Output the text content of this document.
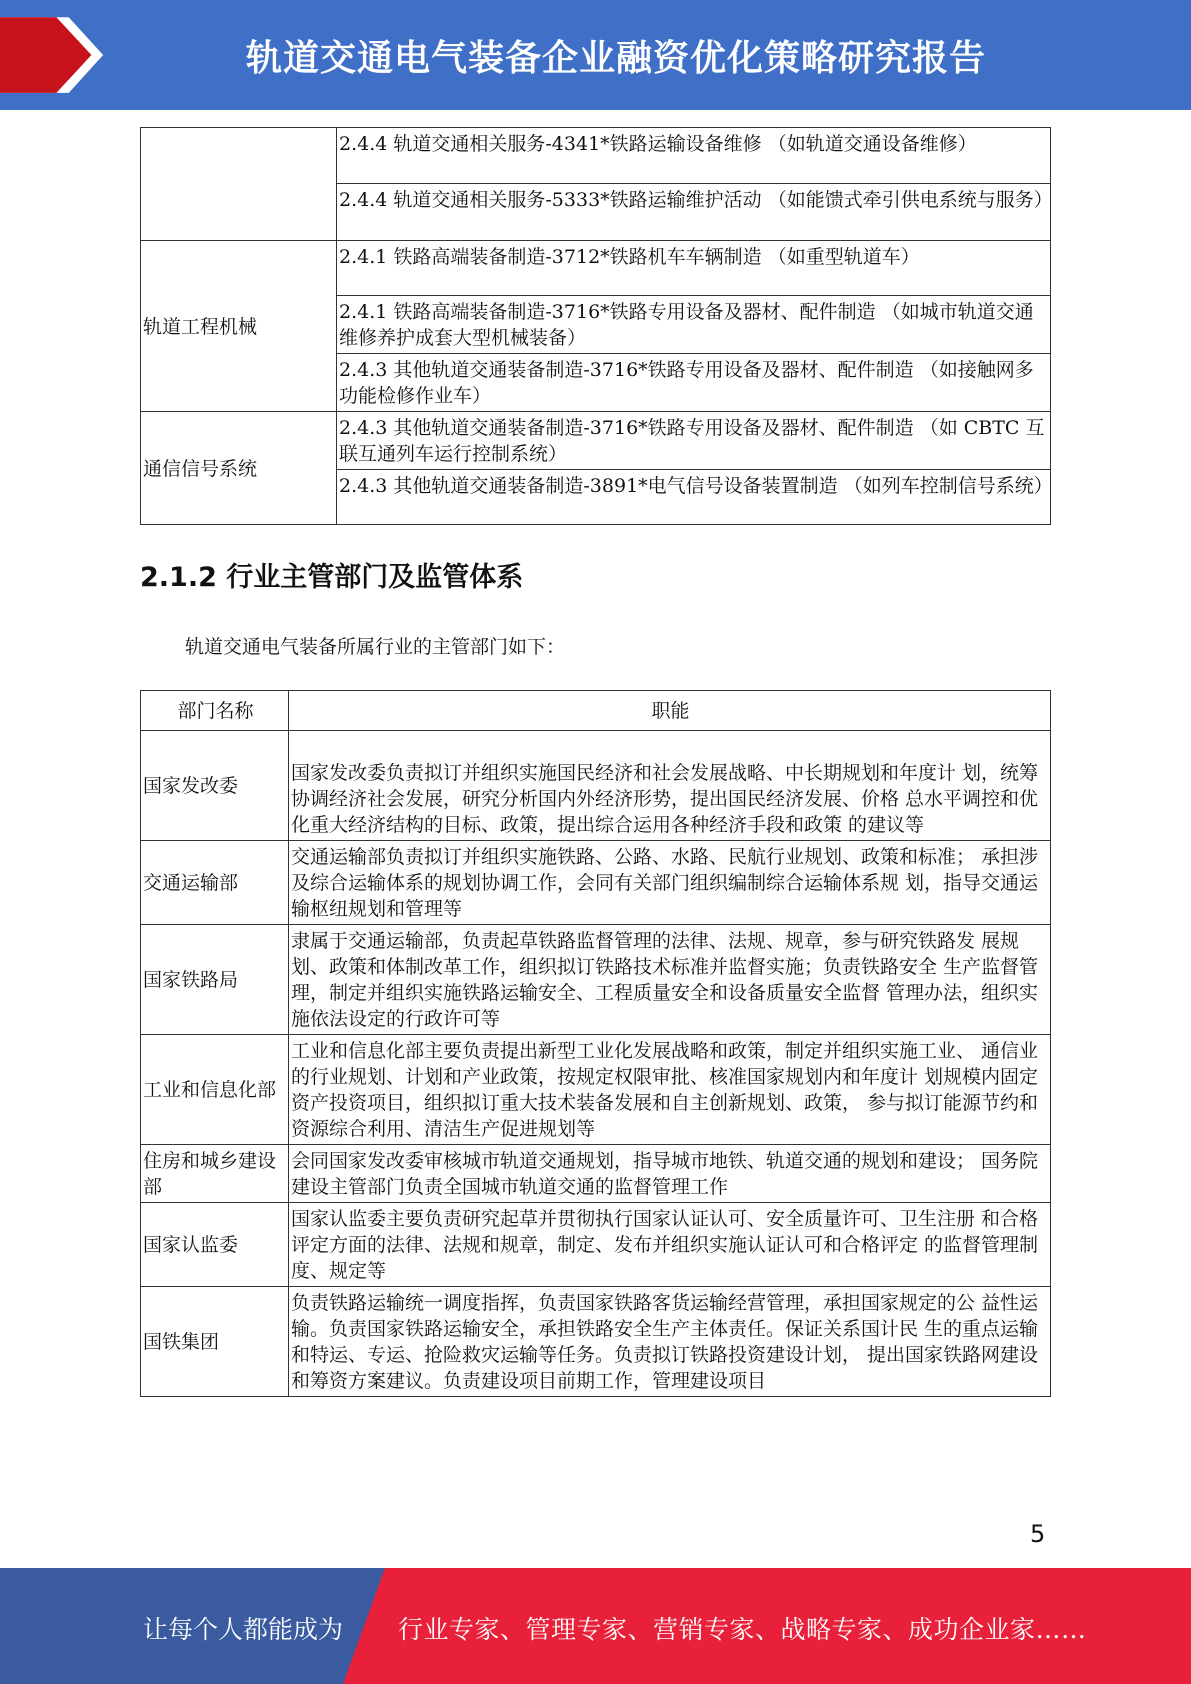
轨道交通电气装备企业融资优化策略研究报告
	2.4.4 轨道交通相关服务-4341*铁路运输设备维修 （如轨道交通设备维修）
	2.4.4 轨道交通相关服务-5333*铁路运输维护活动 （如能馈式牵引供电系统与服务）
轨道工程机械	2.4.1 铁路高端装备制造-3712*铁路机车车辆制造 （如重型轨道车）
	2.4.1 铁路高端装备制造-3716*铁路专用设备及器材、配件制造 （如城市轨道交通维修养护成套大型机械装备）
	2.4.3 其他轨道交通装备制造-3716*铁路专用设备及器材、配件制造 （如接触网多功能检修作业车）
通信信号系统	2.4.3 其他轨道交通装备制造-3716*铁路专用设备及器材、配件制造 （如 CBTC 互联互通列车运行控制系统）
	2.4.3 其他轨道交通装备制造-3891*电气信号设备装置制造 （如列车控制信号系统）
2.1.2 行业主管部门及监管体系
轨道交通电气装备所属行业的主管部门如下：
部门名称	职能
国家发改委	国家发改委负责拟订并组织实施国民经济和社会发展战略、中长期规划和年度计 划，统筹协调经济社会发展，研究分析国内外经济形势，提出国民经济发展、价格 总水平调控和优化重大经济结构的目标、政策，提出综合运用各种经济手段和政策 的建议等
交通运输部	交通运输部负责拟订并组织实施铁路、公路、水路、民航行业规划、政策和标准； 承担涉及综合运输体系的规划协调工作，会同有关部门组织编制综合运输体系规 划，指导交通运输枢纽规划和管理等
国家铁路局	隶属于交通运输部，负责起草铁路监督管理的法律、法规、规章，参与研究铁路发 展规划、政策和体制改革工作，组织拟订铁路技术标准并监督实施；负责铁路安全 生产监督管理，制定并组织实施铁路运输安全、工程质量安全和设备质量安全监督 管理办法，组织实施依法设定的行政许可等
工业和信息化部	工业和信息化部主要负责提出新型工业化发展战略和政策，制定并组织实施工业、 通信业的行业规划、计划和产业政策，按规定权限审批、核准国家规划内和年度计 划规模内固定资产投资项目，组织拟订重大技术装备发展和自主创新规划、政策， 参与拟订能源节约和资源综合利用、清洁生产促进规划等
住房和城乡建设部	会同国家发改委审核城市轨道交通规划，指导城市地铁、轨道交通的规划和建设； 国务院建设主管部门负责全国城市轨道交通的监督管理工作
国家认监委	国家认监委主要负责研究起草并贯彻执行国家认证认可、安全质量许可、卫生注册 和合格评定方面的法律、法规和规章，制定、发布并组织实施认证认可和合格评定 的监督管理制度、规定等
国铁集团	负责铁路运输统一调度指挥，负责国家铁路客货运输经营管理，承担国家规定的公 益性运输。负责国家铁路运输安全，承担铁路安全生产主体责任。保证关系国计民 生的重点运输和特运、专运、抢险救灾运输等任务。负责拟订铁路投资建设计划， 提出国家铁路网建设和筹资方案建议。负责建设项目前期工作，管理建设项目
5
让每个人都能成为 行业专家、管理专家、营销专家、战略专家、成功企业家……
